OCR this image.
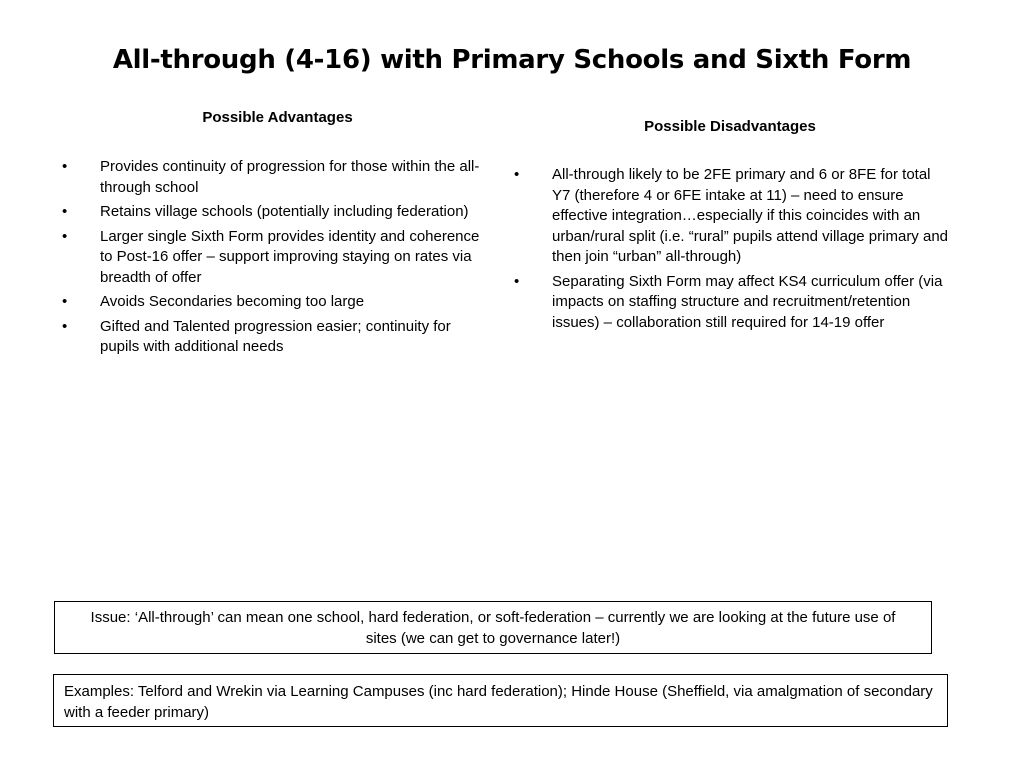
All-through (4-16) with Primary Schools and Sixth Form
Possible Advantages
• Provides continuity of progression for those within the all-through school
• Retains village schools (potentially including federation)
• Larger single Sixth Form provides identity and coherence to Post-16 offer – support improving staying on rates via breadth of offer
• Avoids Secondaries becoming too large
• Gifted and Talented progression easier; continuity for pupils with additional needs
Possible Disadvantages
• All-through likely to be 2FE primary and 6 or 8FE for total Y7 (therefore 4 or 6FE intake at 11) – need to ensure effective integration…especially if this coincides with an urban/rural split (i.e. “rural” pupils attend village primary and then join “urban” all-through)
• Separating Sixth Form may affect KS4 curriculum offer (via impacts on staffing structure and recruitment/retention issues) – collaboration still required for 14-19 offer
Issue: ‘All-through’ can mean one school, hard federation, or soft-federation – currently we are looking at the future use of sites (we can get to governance later!)
Examples: Telford and Wrekin via Learning Campuses (inc hard federation); Hinde House (Sheffield, via amalgmation of secondary with a feeder primary)
